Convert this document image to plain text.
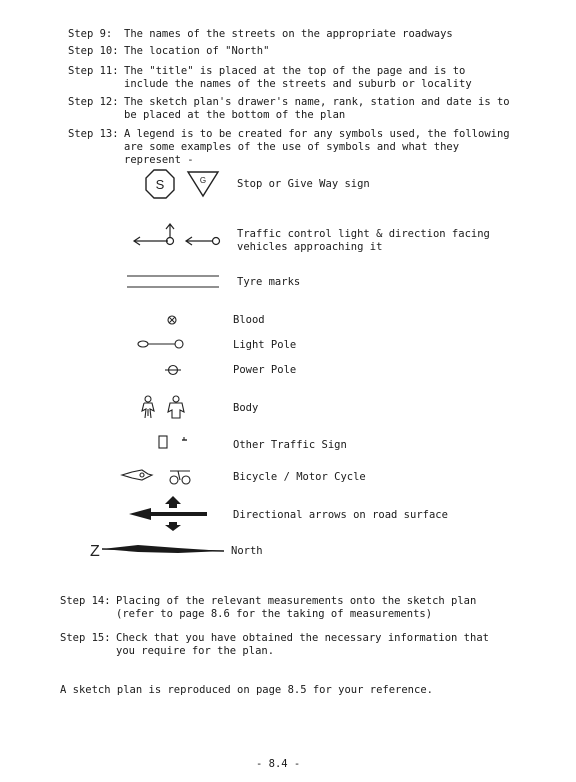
Step 9: The names of the streets on the appropriate roadways
Step 10: The location of "North"
Step 11: The "title" is placed at the top of the page and is to
include the names of the streets and suburb or locality
Step 12: The sketch plan's drawer's name, rank, station and date is to
be placed at the bottom of the plan
Step 13: A legend is to be created for any symbols used, the following
are some examples of the use of symbols and what they
represent -
S	G	Stop or Give Way sign
Traffic control light & direction facing
vehicles approaching it
Tyre marks
Blood
Light Pole
Power Pole
Body
Other Traffic Sign
Bicycle / Motor Cycle
Directional arrows on road surface
Z	North
Step 14: Placing of the relevant measurements onto the sketch plan
(refer to page 8.6 for the taking of measurements)
Step 15: Check that you have obtained the necessary information that
you require for the plan.
A sketch plan is reproduced on page 8.5 for your reference.
- 8.4 -
